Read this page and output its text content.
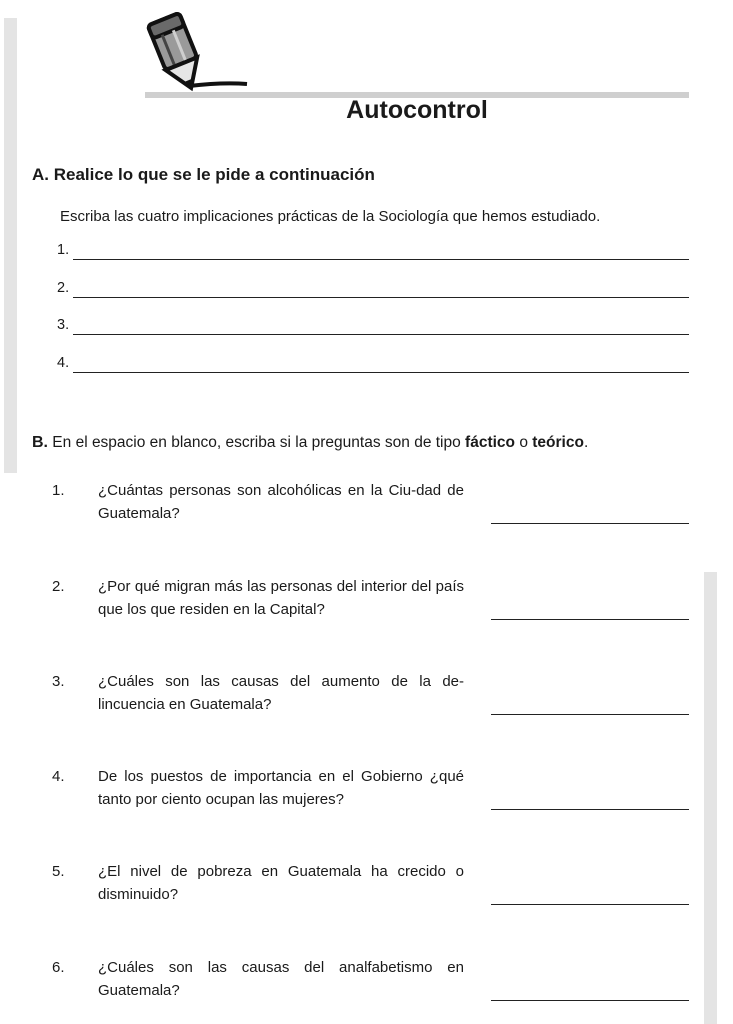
Autocontrol
A. Realice lo que se le pide a continuación
Escriba las cuatro implicaciones prácticas de la Sociología que hemos estudiado.
1.
2.
3.
4.
B. En el espacio en blanco, escriba si la preguntas son de tipo fáctico o teórico.
1. ¿Cuántas personas son alcohólicas en la Ciu-dad de Guatemala?
2. ¿Por qué migran más las personas del interior del país que los que residen en la Capital?
3. ¿Cuáles son las causas del aumento de la de-lincuencia en Guatemala?
4. De los puestos de importancia en el Gobierno ¿qué tanto por ciento ocupan las mujeres?
5. ¿El nivel de pobreza en Guatemala ha crecido o disminuido?
6. ¿Cuáles son las causas del analfabetismo en Guatemala?
